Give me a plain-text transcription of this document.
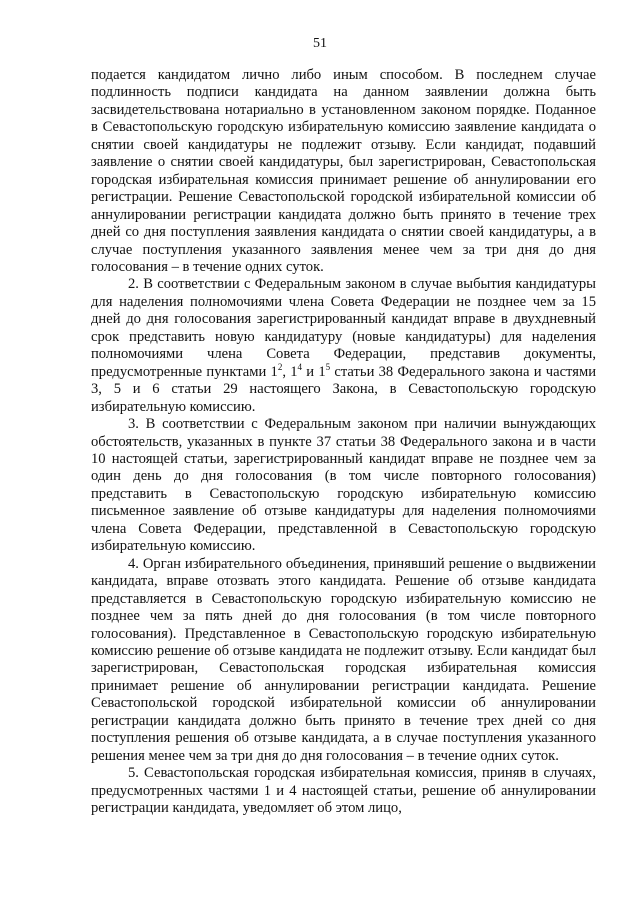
51

подается кандидатом лично либо иным способом. В последнем случае подлинность подписи кандидата на данном заявлении должна быть засвидетельствована нотариально в установленном законом порядке. Поданное в Севастопольскую городскую избирательную комиссию заявление кандидата о снятии своей кандидатуры не подлежит отзыву. Если кандидат, подавший заявление о снятии своей кандидатуры, был зарегистрирован, Севастопольская городская избирательная комиссия принимает решение об аннулировании его регистрации. Решение Севастопольской городской избирательной комиссии об аннулировании регистрации кандидата должно быть принято в течение трех дней со дня поступления заявления кандидата о снятии своей кандидатуры, а в случае поступления указанного заявления менее чем за три дня до дня голосования – в течение одних суток.

2. В соответствии с Федеральным законом в случае выбытия кандидатуры для наделения полномочиями члена Совета Федерации не позднее чем за 15 дней до дня голосования зарегистрированный кандидат вправе в двухдневный срок представить новую кандидатуру (новые кандидатуры) для наделения полномочиями члена Совета Федерации, представив документы, предусмотренные пунктами $1^2$, $1^4$ и $1^5$ статьи 38 Федерального закона и частями 3, 5 и 6 статьи 29 настоящего Закона, в Севастопольскую городскую избирательную комиссию.

3. В соответствии с Федеральным законом при наличии вынуждающих обстоятельств, указанных в пункте 37 статьи 38 Федерального закона и в части 10 настоящей статьи, зарегистрированный кандидат вправе не позднее чем за один день до дня голосования (в том числе повторного голосования) представить в Севастопольскую городскую избирательную комиссию письменное заявление об отзыве кандидатуры для наделения полномочиями члена Совета Федерации, представленной в Севастопольскую городскую избирательную комиссию.

4. Орган избирательного объединения, принявший решение о выдвижении кандидата, вправе отозвать этого кандидата. Решение об отзыве кандидата представляется в Севастопольскую городскую избирательную комиссию не позднее чем за пять дней до дня голосования (в том числе повторного голосования). Представленное в Севастопольскую городскую избирательную комиссию решение об отзыве кандидата не подлежит отзыву. Если кандидат был зарегистрирован, Севастопольская городская избирательная комиссия принимает решение об аннулировании регистрации кандидата. Решение Севастопольской городской избирательной комиссии об аннулировании регистрации кандидата должно быть принято в течение трех дней со дня поступления решения об отзыве кандидата, а в случае поступления указанного решения менее чем за три дня до дня голосования – в течение одних суток.

5. Севастопольская городская избирательная комиссия, приняв в случаях, предусмотренных частями 1 и 4 настоящей статьи, решение об аннулировании регистрации кандидата, уведомляет об этом лицо,
